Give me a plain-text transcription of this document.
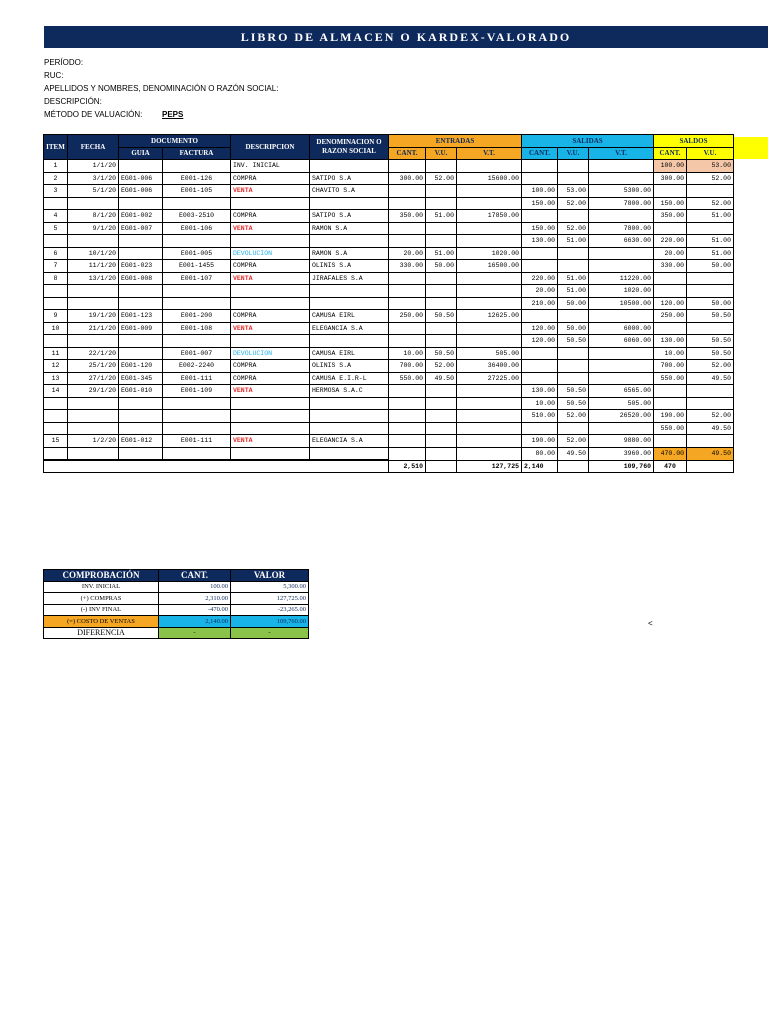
LIBRO DE ALMACEN O KARDEX-VALORADO
PERÍODO:
RUC:
APELLIDOS Y NOMBRES, DENOMINACIÓN O RAZÓN SOCIAL:
DESCRIPCIÓN:
MÉTODO DE VALUACIÓN: PEPS
ITEM	FECHA	DOCUMENTO		DESCRIPCION	DENOMINACION O RAZON SOCIAL	ENTRADAS			SALIDAS			SALDOS	
		GUIA	FACTURA			CANT.	V.U.	V.T.	CANT.	V.U.	V.T.	CANT.	V.U.
1	1/1/20			INV. INICIAL								100.00	53.00
2	3/1/20	EG01-006	E001-126	COMPRA	SATIPO S.A	300.00	52.00	15600.00				300.00	52.00
3	5/1/20	EG01-006	E001-105	VENTA	CHAVITO S.A				100.00	53.00	5300.00		
									150.00	52.00	7800.00	150.00	52.00
4	8/1/20	EG01-002	E003-2510	COMPRA	SATIPO S.A	350.00	51.00	17850.00				350.00	51.00
5	9/1/20	EG01-007	E001-106	VENTA	RAMON S.A				150.00	52.00	7800.00		
									130.00	51.00	6630.00	220.00	51.00
6	10/1/20		E001-005	DEVOLUCION	RAMON S.A	20.00	51.00	1020.00				20.00	51.00
7	11/1/20	EG01-023	E001-1455	COMPRA	OLINIS S.A	330.00	50.00	16500.00				330.00	50.00
8	13/1/20	EG01-008	E001-107	VENTA	JIRAFALES S.A				220.00	51.00	11220.00		
									20.00	51.00	1020.00		
									210.00	50.00	10500.00	120.00	50.00
9	19/1/20	EG01-123	E001-200	COMPRA	CAMUSA EIRL	250.00	50.50	12625.00				250.00	50.50
10	21/1/20	EG01-009	E001-108	VENTA	ELEGANCIA S.A				120.00	50.00	6000.00		
									120.00	50.50	6060.00	130.00	50.50
11	22/1/20		E001-007	DEVOLUCION	CAMUSA EIRL	10.00	50.50	505.00				10.00	50.50
12	25/1/20	EG01-120	E002-2240	COMPRA	OLINIS S.A	700.00	52.00	36400.00				700.00	52.00
13	27/1/20	EG01-345	E001-111	COMPRA	CAMUSA E.I.R-L	550.00	49.50	27225.00				550.00	49.50
14	29/1/20	EG01-010	E001-109	VENTA	HERMOSA S.A.C				130.00	50.50	6565.00		
									10.00	50.50	505.00		
									510.00	52.00	26520.00	190.00	52.00
												550.00	49.50
15	1/2/20	EG01-012	E001-111	VENTA	ELEGANCIA S.A				190.00	52.00	9880.00		
									80.00	49.50	3960.00	470.00	49.50
						2,510		127,725	2,140		109,760	470	
COMPROBACIÓN	CANT.	VALOR
INV. INICIAL	100.00	5,300.00
(+) COMPRAS	2,310.00	127,725.00
(-) INV FINAL	-470.00	-23,265.00
(=) COSTO DE VENTAS	2,140.00	109,760.00
DIFERENCIA	-	-
<
